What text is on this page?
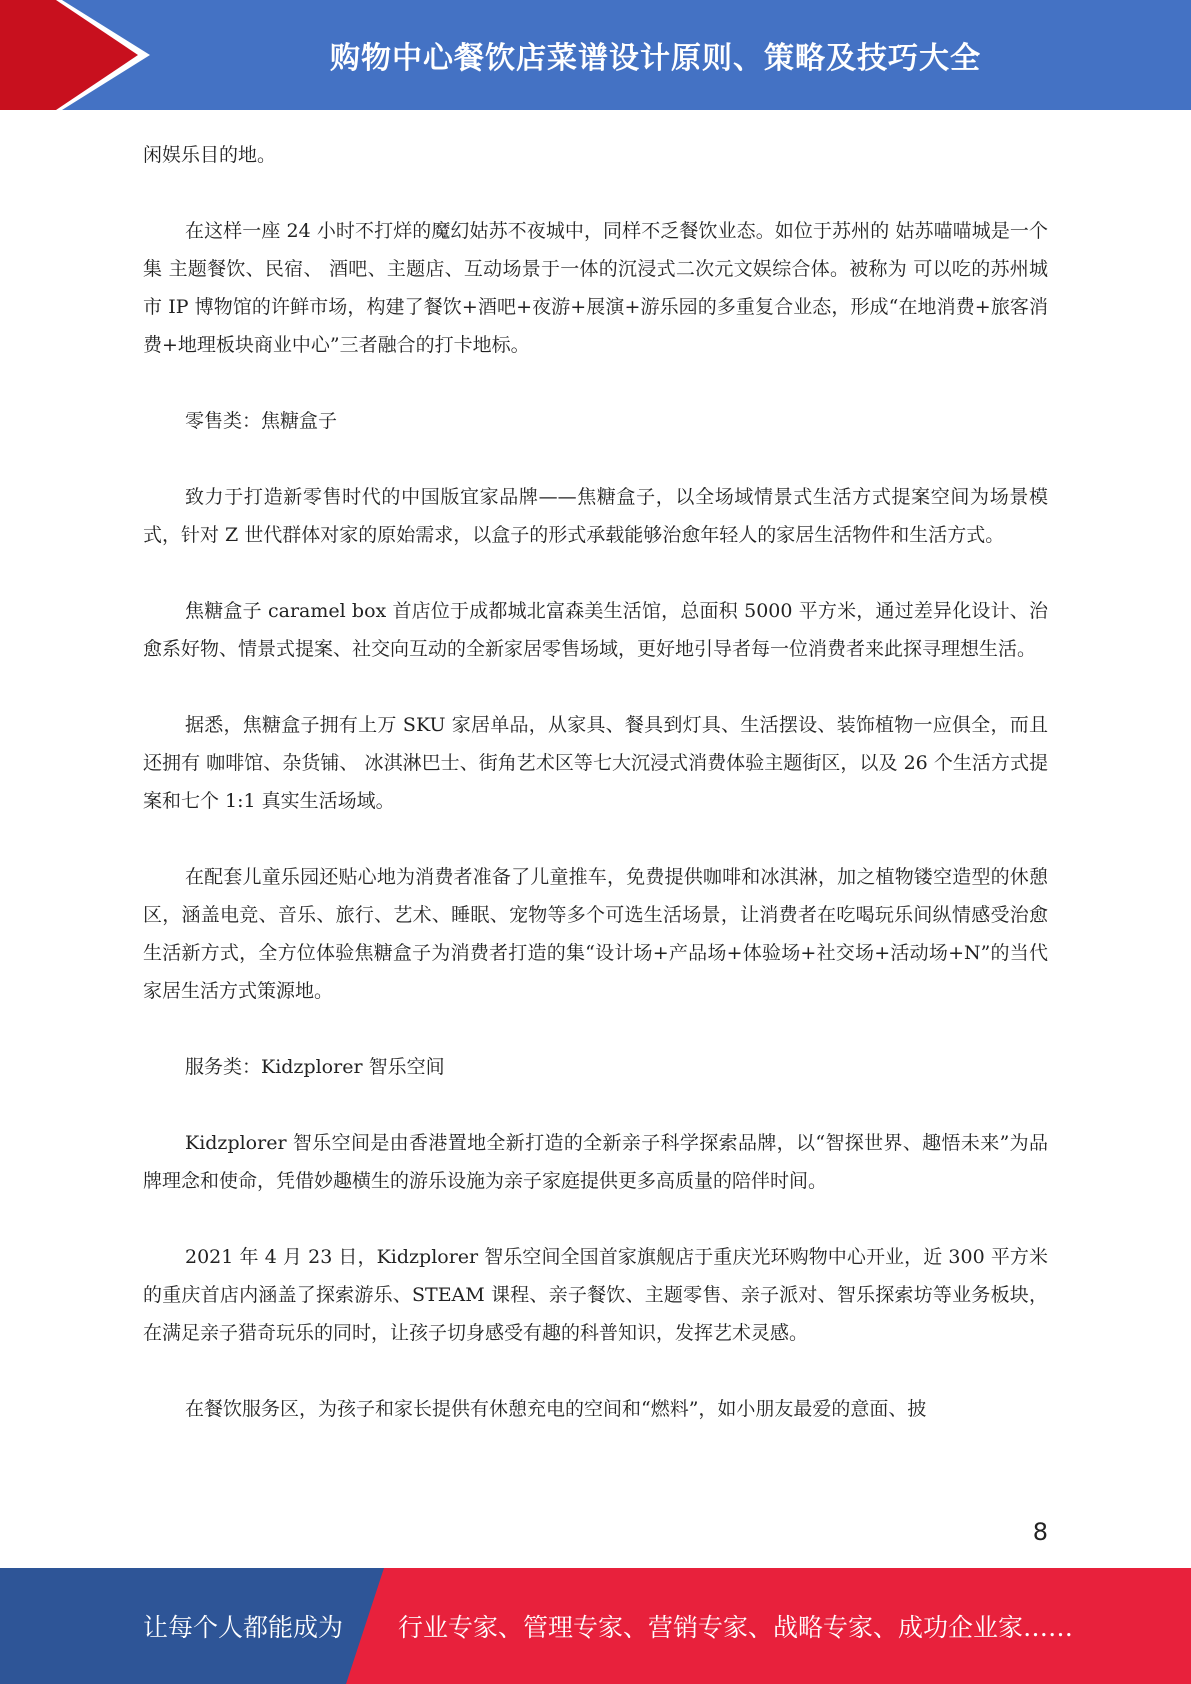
购物中心餐饮店菜谱设计原则、策略及技巧大全

闲娱乐目的地。

在这样一座 24 小时不打烊的魔幻姑苏不夜城中，同样不乏餐饮业态。如位于苏州的 姑苏喵喵城是一个集 主题餐饮、民宿、 酒吧、主题店、互动场景于一体的沉浸式二次元文娱综合体。被称为 可以吃的苏州城市 IP 博物馆的许鲜市场，构建了餐饮+酒吧+夜游+展演+游乐园的多重复合业态，形成“在地消费+旅客消费+地理板块商业中心”三者融合的打卡地标。

零售类：焦糖盒子

致力于打造新零售时代的中国版宜家品牌——焦糖盒子，以全场域情景式生活方式提案空间为场景模式，针对 Z 世代群体对家的原始需求，以盒子的形式承载能够治愈年轻人的家居生活物件和生活方式。

焦糖盒子 caramel box 首店位于成都城北富森美生活馆，总面积 5000 平方米，通过差异化设计、治愈系好物、情景式提案、社交向互动的全新家居零售场域，更好地引导者每一位消费者来此探寻理想生活。

据悉，焦糖盒子拥有上万 SKU 家居单品，从家具、餐具到灯具、生活摆设、装饰植物一应俱全，而且还拥有 咖啡馆、杂货铺、 冰淇淋巴士、街角艺术区等七大沉浸式消费体验主题街区，以及 26 个生活方式提案和七个 1:1 真实生活场域。

在配套儿童乐园还贴心地为消费者准备了儿童推车，免费提供咖啡和冰淇淋，加之植物镂空造型的休憩区，涵盖电竞、音乐、旅行、艺术、睡眠、宠物等多个可选生活场景，让消费者在吃喝玩乐间纵情感受治愈生活新方式，全方位体验焦糖盒子为消费者打造的集“设计场+产品场+体验场+社交场+活动场+N”的当代家居生活方式策源地。

服务类：Kidzplorer 智乐空间

Kidzplorer 智乐空间是由香港置地全新打造的全新亲子科学探索品牌，以“智探世界、趣悟未来”为品牌理念和使命，凭借妙趣横生的游乐设施为亲子家庭提供更多高质量的陪伴时间。

2021 年 4 月 23 日，Kidzplorer 智乐空间全国首家旗舰店于重庆光环购物中心开业，近 300 平方米的重庆首店内涵盖了探索游乐、STEAM 课程、亲子餐饮、主题零售、亲子派对、智乐探索坊等业务板块，在满足亲子猎奇玩乐的同时，让孩子切身感受有趣的科普知识，发挥艺术灵感。

在餐饮服务区，为孩子和家长提供有休憩充电的空间和“燃料”，如小朋友最爱的意面、披

8
让每个人都能成为 行业专家、管理专家、营销专家、战略专家、成功企业家……
